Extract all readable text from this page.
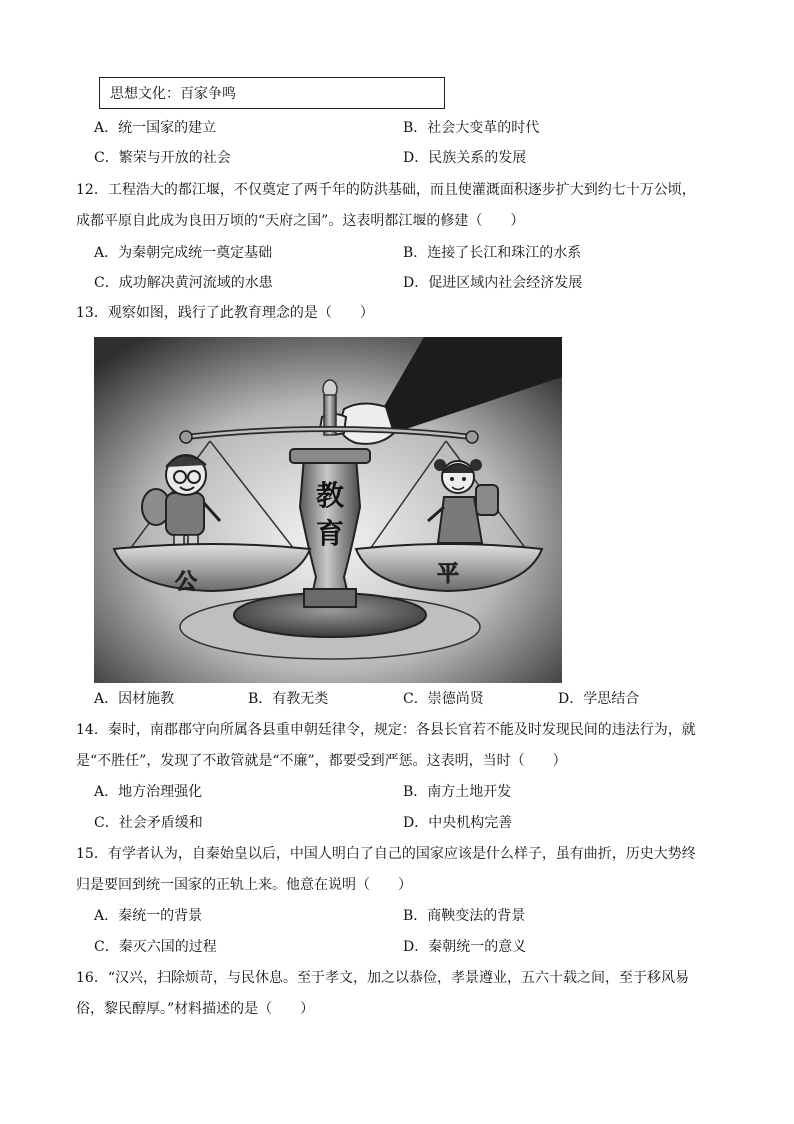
思想文化：百家争鸣
A．统一国家的建立	B．社会大变革的时代
C．繁荣与开放的社会	D．民族关系的发展
12．工程浩大的都江堰，不仅奠定了两千年的防洪基础，而且使灌溉面积逐步扩大到约七十万公顷，
成都平原自此成为良田万顷的“天府之国”。这表明都江堰的修建（　　）
A．为秦朝完成统一奠定基础	B．连接了长江和珠江的水系
C．成功解决黄河流域的水患	D．促进区域内社会经济发展
13．观察如图，践行了此教育理念的是（　　）
教
育
公	平
A．因材施教	B．有教无类	C．崇德尚贤	D．学思结合
14．秦时，南郡郡守向所属各县重申朝廷律令，规定：各县长官若不能及时发现民间的违法行为，就
是“不胜任”，发现了不敢管就是“不廉”，都要受到严惩。这表明，当时（　　）
A．地方治理强化	B．南方土地开发
C．社会矛盾缓和	D．中央机构完善
15．有学者认为，自秦始皇以后，中国人明白了自己的国家应该是什么样子，虽有曲折，历史大势终
归是要回到统一国家的正轨上来。他意在说明（　　）
A．秦统一的背景	B．商鞅变法的背景
C．秦灭六国的过程	D．秦朝统一的意义
16．“汉兴，扫除烦苛，与民休息。至于孝文，加之以恭俭，孝景遵业，五六十载之间，至于移风易
俗，黎民醇厚。”材料描述的是（　　）
